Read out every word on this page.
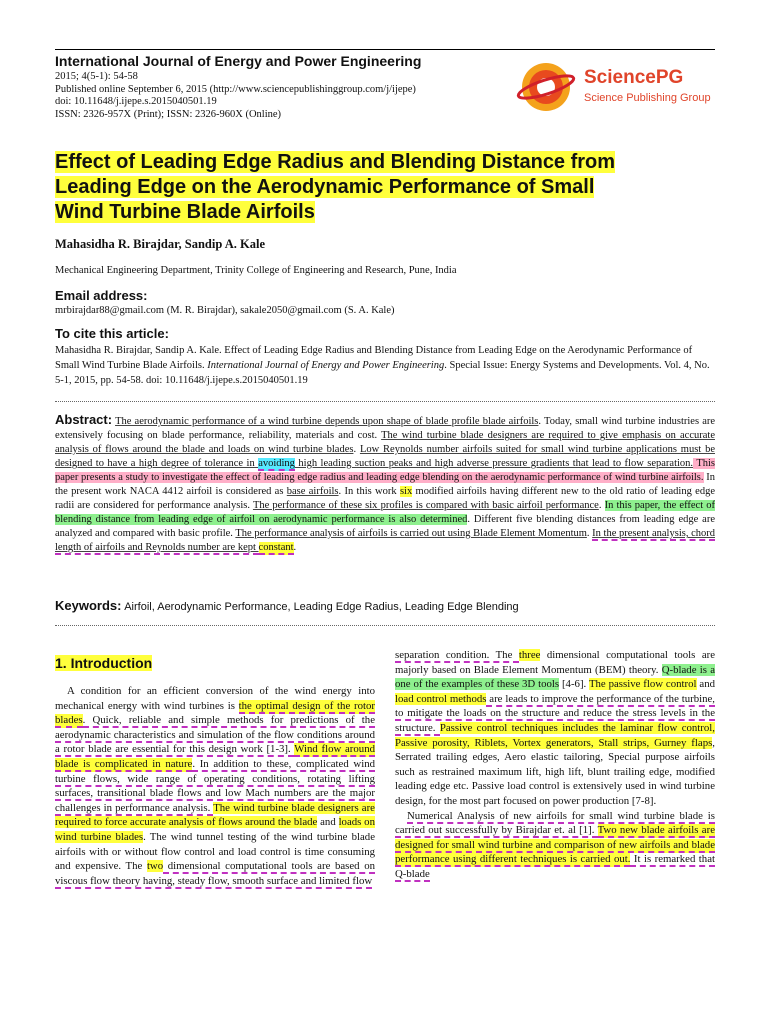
International Journal of Energy and Power Engineering
2015; 4(5-1): 54-58
Published online September 6, 2015 (http://www.sciencepublishinggroup.com/j/ijepe)
doi: 10.11648/j.ijepe.s.2015040501.19
ISSN: 2326-957X (Print); ISSN: 2326-960X (Online)
SciencePG
Science Publishing Group
Effect of Leading Edge Radius and Blending Distance from
Leading Edge on the Aerodynamic Performance of Small
Wind Turbine Blade Airfoils
Mahasidha R. Birajdar, Sandip A. Kale
Mechanical Engineering Department, Trinity College of Engineering and Research, Pune, India
Email address:
mrbirajdar88@gmail.com (M. R. Birajdar), sakale2050@gmail.com (S. A. Kale)
To cite this article:
Mahasidha R. Birajdar, Sandip A. Kale. Effect of Leading Edge Radius and Blending Distance from Leading Edge on the Aerodynamic Performance of Small Wind Turbine Blade Airfoils. International Journal of Energy and Power Engineering. Special Issue: Energy Systems and Developments. Vol. 4, No. 5-1, 2015, pp. 54-58. doi: 10.11648/j.ijepe.s.2015040501.19
Abstract: The aerodynamic performance of a wind turbine depends upon shape of blade profile blade airfoils. Today, small wind turbine industries are extensively focusing on blade performance, reliability, materials and cost. The wind turbine blade designers are required to give emphasis on accurate analysis of flows around the blade and loads on wind turbine blades. Low Reynolds number airfoils suited for small wind turbine applications must be designed to have a high degree of tolerance in avoiding high leading suction peaks and high adverse pressure gradients that lead to flow separation. This paper presents a study to investigate the effect of leading edge radius and leading edge blending on the aerodynamic performance of wind turbine airfoils. In the present work NACA 4412 airfoil is considered as base airfoils. In this work six modified airfoils having different new to the old ratio of leading edge radii are considered for performance analysis. The performance of these six profiles is compared with basic airfoil performance. In this paper, the effect of blending distance from leading edge of airfoil on aerodynamic performance is also determined. Different five blending distances from leading edge are analyzed and compared with basic profile. The performance analysis of airfoils is carried out using Blade Element Momentum. In the present analysis, chord length of airfoils and Reynolds number are kept constant.
Keywords: Airfoil, Aerodynamic Performance, Leading Edge Radius, Leading Edge Blending
1. Introduction
A condition for an efficient conversion of the wind energy into mechanical energy with wind turbines is the optimal design of the rotor blades. Quick, reliable and simple methods for predictions of the aerodynamic characteristics and simulation of the flow conditions around a rotor blade are essential for this design work [1-3]. Wind flow around blade is complicated in nature. In addition to these, complicated wind turbine flows, wide range of operating conditions, rotating lifting surfaces, transitional blade flows and low Mach numbers are the major challenges in performance analysis. The wind turbine blade designers are required to force accurate analysis of flows around the blade and loads on wind turbine blades. The wind tunnel testing of the wind turbine blade airfoils with or without flow control and load control is time consuming and expensive. The two dimensional computational tools are based on viscous flow theory having, steady flow, smooth surface and limited flow

separation condition. The three dimensional computational tools are majorly based on Blade Element Momentum (BEM) theory. Q-blade is a one of the examples of these 3D tools [4-6]. The passive flow control and load control methods are leads to improve the performance of the turbine, to mitigate the loads on the structure and reduce the stress levels in the structure. Passive control techniques includes the laminar flow control, Passive porosity, Riblets, Vortex generators, Stall strips, Gurney flaps, Serrated trailing edges, Aero elastic tailoring, Special purpose airfoils such as restrained maximum lift, high lift, blunt trailing edge, modified leading edge etc. Passive load control is extensively used in wind turbine design, for the most part focused on power production [7-8].

Numerical Analysis of new airfoils for small wind turbine blade is carried out successfully by Birajdar et. al [1]. Two new blade airfoils are designed for small wind turbine and comparison of new airfoils and blade performance using different techniques is carried out. It is remarked that Q-blade
